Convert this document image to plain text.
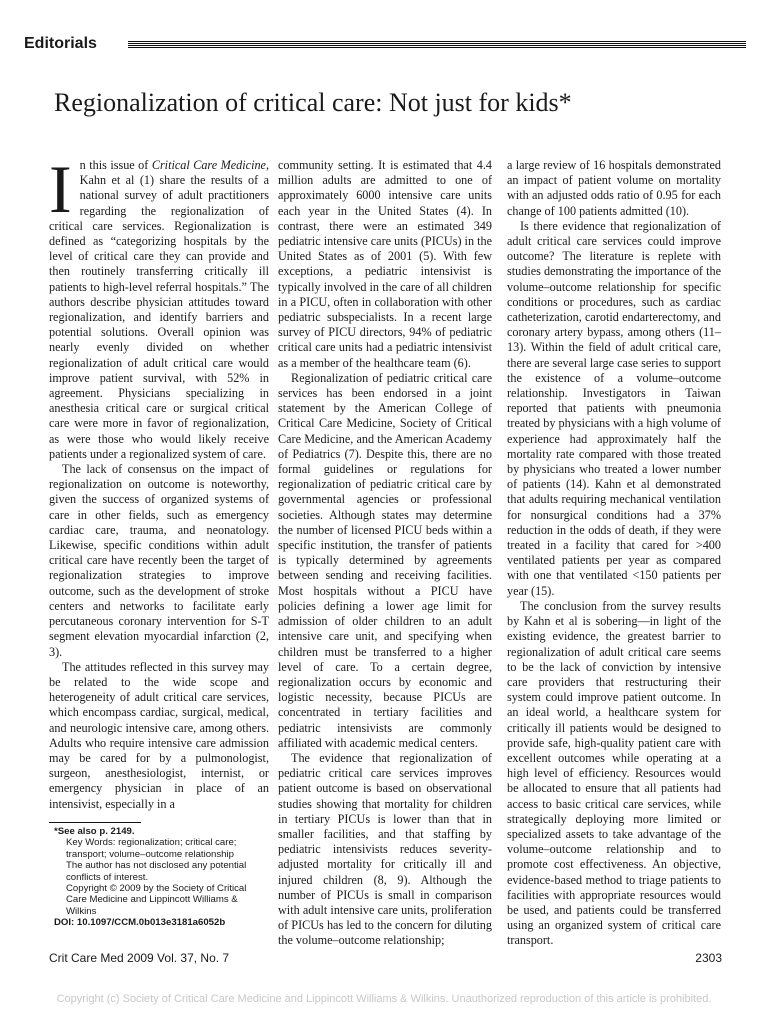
Editorials
Regionalization of critical care: Not just for kids*

In this issue of Critical Care Medicine, Kahn et al (1) share the results of a national survey of adult practitioners regarding the regionalization of critical care services. Regionalization is defined as “categorizing hospitals by the level of critical care they can provide and then routinely transferring critically ill patients to high-level referral hospitals.” The authors describe physician attitudes toward regionalization, and identify barriers and potential solutions. Overall opinion was nearly evenly divided on whether regionalization of adult critical care would improve patient survival, with 52% in agreement. Physicians specializing in anesthesia critical care or surgical critical care were more in favor of regionalization, as were those who would likely receive patients under a regionalized system of care.

The lack of consensus on the impact of regionalization on outcome is noteworthy, given the success of organized systems of care in other fields, such as emergency cardiac care, trauma, and neonatology. Likewise, specific conditions within adult critical care have recently been the target of regionalization strategies to improve outcome, such as the development of stroke centers and networks to facilitate early percutaneous coronary intervention for S-T segment elevation myocardial infarction (2, 3).

The attitudes reflected in this survey may be related to the wide scope and heterogeneity of adult critical care services, which encompass cardiac, surgical, medical, and neurologic intensive care, among others. Adults who require intensive care admission may be cared for by a pulmonologist, surgeon, anesthesiologist, internist, or emergency physician in place of an intensivist, especially in a

community setting. It is estimated that 4.4 million adults are admitted to one of approximately 6000 intensive care units each year in the United States (4). In contrast, there were an estimated 349 pediatric intensive care units (PICUs) in the United States as of 2001 (5). With few exceptions, a pediatric intensivist is typically involved in the care of all children in a PICU, often in collaboration with other pediatric subspecialists. In a recent large survey of PICU directors, 94% of pediatric critical care units had a pediatric intensivist as a member of the healthcare team (6).

Regionalization of pediatric critical care services has been endorsed in a joint statement by the American College of Critical Care Medicine, Society of Critical Care Medicine, and the American Academy of Pediatrics (7). Despite this, there are no formal guidelines or regulations for regionalization of pediatric critical care by governmental agencies or professional societies. Although states may determine the number of licensed PICU beds within a specific institution, the transfer of patients is typically determined by agreements between sending and receiving facilities. Most hospitals without a PICU have policies defining a lower age limit for admission of older children to an adult intensive care unit, and specifying when children must be transferred to a higher level of care. To a certain degree, regionalization occurs by economic and logistic necessity, because PICUs are concentrated in tertiary facilities and pediatric intensivists are commonly affiliated with academic medical centers.

The evidence that regionalization of pediatric critical care services improves patient outcome is based on observational studies showing that mortality for children in tertiary PICUs is lower than that in smaller facilities, and that staffing by pediatric intensivists reduces severity-adjusted mortality for critically ill and injured children (8, 9). Although the number of PICUs is small in comparison with adult intensive care units, proliferation of PICUs has led to the concern for diluting the volume–outcome relationship;

a large review of 16 hospitals demonstrated an impact of patient volume on mortality with an adjusted odds ratio of 0.95 for each change of 100 patients admitted (10).

Is there evidence that regionalization of adult critical care services could improve outcome? The literature is replete with studies demonstrating the importance of the volume–outcome relationship for specific conditions or procedures, such as cardiac catheterization, carotid endarterectomy, and coronary artery bypass, among others (11–13). Within the field of adult critical care, there are several large case series to support the existence of a volume–outcome relationship. Investigators in Taiwan reported that patients with pneumonia treated by physicians with a high volume of experience had approximately half the mortality rate compared with those treated by physicians who treated a lower number of patients (14). Kahn et al demonstrated that adults requiring mechanical ventilation for nonsurgical conditions had a 37% reduction in the odds of death, if they were treated in a facility that cared for >400 ventilated patients per year as compared with one that ventilated <150 patients per year (15).

The conclusion from the survey results by Kahn et al is sobering—in light of the existing evidence, the greatest barrier to regionalization of adult critical care seems to be the lack of conviction by intensive care providers that restructuring their system could improve patient outcome. In an ideal world, a healthcare system for critically ill patients would be designed to provide safe, high-quality patient care with excellent outcomes while operating at a high level of efficiency. Resources would be allocated to ensure that all patients had access to basic critical care services, while strategically deploying more limited or specialized assets to take advantage of the volume–outcome relationship and to promote cost effectiveness. An objective, evidence-based method to triage patients to facilities with appropriate resources would be used, and patients could be transferred using an organized system of critical care transport.

*See also p. 2149.
Key Words: regionalization; critical care; transport; volume–outcome relationship
The author has not disclosed any potential conflicts of interest.
Copyright © 2009 by the Society of Critical Care Medicine and Lippincott Williams & Wilkins
DOI: 10.1097/CCM.0b013e3181a6052b
Crit Care Med 2009 Vol. 37, No. 7	2303
Copyright (c) Society of Critical Care Medicine and Lippincott Williams & Wilkins. Unauthorized reproduction of this article is prohibited.
